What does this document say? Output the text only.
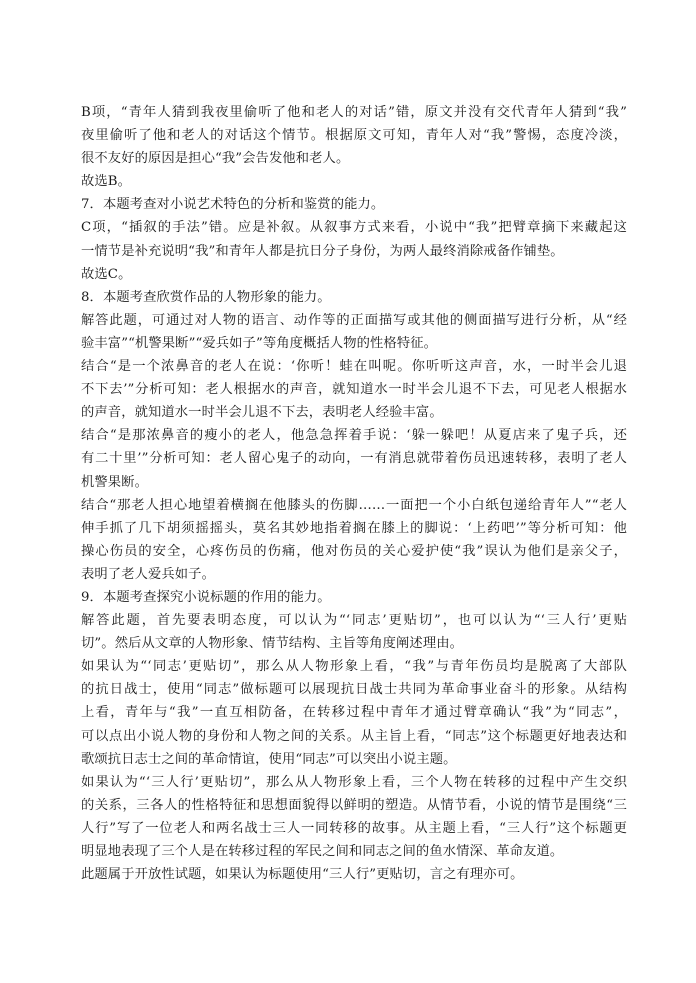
B项，“青年人猜到我夜里偷听了他和老人的对话”错，原文并没有交代青年人猜到“我”
夜里偷听了他和老人的对话这个情节。根据原文可知，青年人对“我”警惕，态度冷淡，
很不友好的原因是担心“我”会告发他和老人。
故选B。
7．本题考查对小说艺术特色的分析和鉴赏的能力。
C项，“插叙的手法”错。应是补叙。从叙事方式来看，小说中“我”把臂章摘下来藏起这
一情节是补充说明“我”和青年人都是抗日分子身份，为两人最终消除戒备作铺垫。
故选C。
8．本题考查欣赏作品的人物形象的能力。
解答此题，可通过对人物的语言、动作等的正面描写或其他的侧面描写进行分析，从“经
验丰富”“机警果断”“爱兵如子”等角度概括人物的性格特征。
结合“是一个浓鼻音的老人在说：‘你听！蛙在叫呢。你听听这声音，水，一时半会儿退
不下去’”分析可知：老人根据水的声音，就知道水一时半会儿退不下去，可见老人根据水
的声音，就知道水一时半会儿退不下去，表明老人经验丰富。
结合“是那浓鼻音的瘦小的老人，他急急挥着手说：‘躲一躲吧！从夏店来了鬼子兵，还
有二十里’”分析可知：老人留心鬼子的动向，一有消息就带着伤员迅速转移，表明了老人
机警果断。
结合“那老人担心地望着横搁在他膝头的伤脚……一面把一个小白纸包递给青年人”“老人
伸手抓了几下胡须摇摇头，莫名其妙地指着搁在膝上的脚说：‘上药吧’”等分析可知：他
操心伤员的安全，心疼伤员的伤痛，他对伤员的关心爱护使“我”误认为他们是亲父子，
表明了老人爱兵如子。
9．本题考查探究小说标题的作用的能力。
解答此题，首先要表明态度，可以认为“‘同志’更贴切”，也可以认为“‘三人行’更贴
切”。然后从文章的人物形象、情节结构、主旨等角度阐述理由。
如果认为“‘同志’更贴切”，那么从人物形象上看，“我”与青年伤员均是脱离了大部队
的抗日战士，使用“同志”做标题可以展现抗日战士共同为革命事业奋斗的形象。从结构
上看，青年与“我”一直互相防备，在转移过程中青年才通过臂章确认“我”为“同志”，
可以点出小说人物的身份和人物之间的关系。从主旨上看，“同志”这个标题更好地表达和
歌颂抗日志士之间的革命情谊，使用“同志”可以突出小说主题。
如果认为“‘三人行’更贴切”，那么从人物形象上看，三个人物在转移的过程中产生交织
的关系，三各人的性格特征和思想面貌得以鲜明的塑造。从情节看，小说的情节是围绕“三
人行”写了一位老人和两名战士三人一同转移的故事。从主题上看，“三人行”这个标题更
明显地表现了三个人是在转移过程的军民之间和同志之间的鱼水情深、革命友道。
此题属于开放性试题，如果认为标题使用“三人行”更贴切，言之有理亦可。
